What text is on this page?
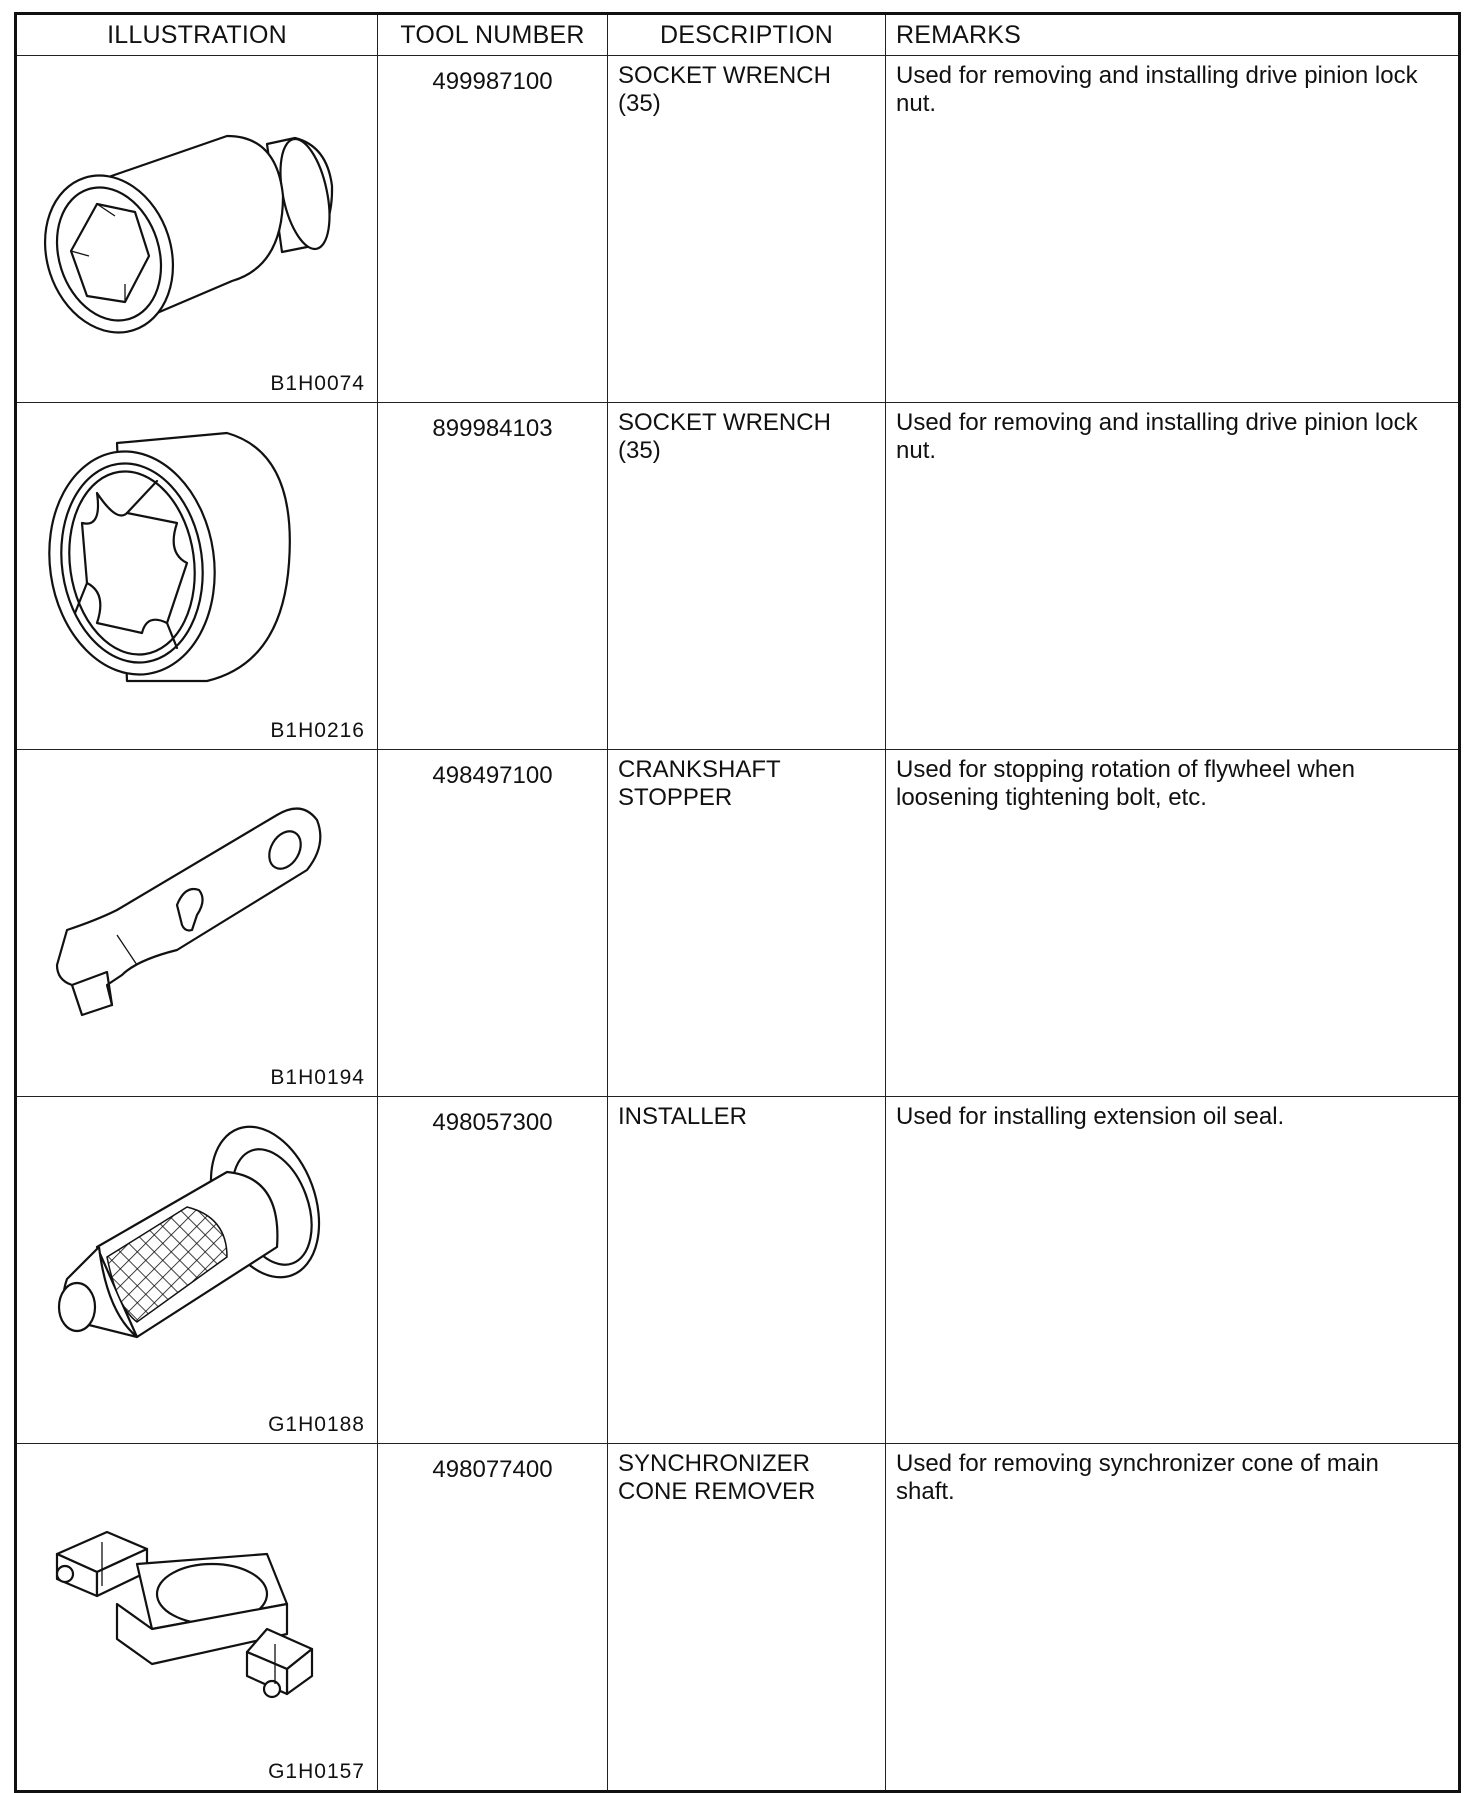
ILLUSTRATION	TOOL NUMBER	DESCRIPTION	REMARKS

B1H0074	499987100	SOCKET WRENCH (35)	Used for removing and installing drive pinion lock nut.

B1H0216	899984103	SOCKET WRENCH (35)	Used for removing and installing drive pinion lock nut.

B1H0194	498497100	CRANKSHAFT STOPPER	Used for stopping rotation of flywheel when loosening tightening bolt, etc.

G1H0188	498057300	INSTALLER	Used for installing extension oil seal.

G1H0157	498077400	SYNCHRONIZER CONE REMOVER	Used for removing synchronizer cone of main shaft.
